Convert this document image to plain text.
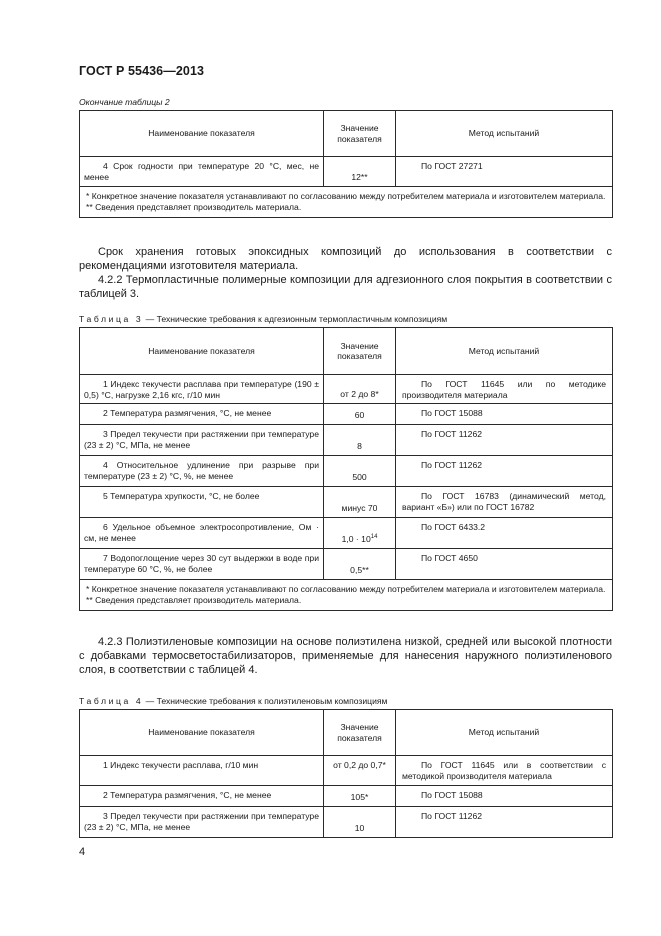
ГОСТ Р 55436—2013
Окончание таблицы 2
Наименование показателя	Значение показателя	Метод испытаний
4 Срок годности при температуре 20 °С, мес, не менее	12**	По ГОСТ 27271

* Конкретное значение показателя устанавливают по согласованию между потребителем материала и изготовителем материала.
** Сведения представляет производитель материала.		
Срок хранения готовых эпоксидных композиций до использования в соответствии с рекомендациями изготовителя материала.
4.2.2 Термопластичные полимерные композиции для адгезионного слоя покрытия в соответствии с таблицей 3.
Таблица 3 — Технические требования к адгезионным термопластичным композициям
Наименование показателя	Значение показателя	Метод испытаний
1 Индекс текучести расплава при температуре (190 ± 0,5) °С, нагрузке 2,16 кгс, г/10 мин	от 2 до 8*	По ГОСТ 11645 или по методике производителя материала
2 Температура размягчения, °С, не менее	60	По ГОСТ 15088
3 Предел текучести при растяжении при температуре (23 ± 2) °С, МПа, не менее	8	По ГОСТ 11262
4 Относительное удлинение при разрыве при температуре (23 ± 2) °С, %, не менее	500	По ГОСТ 11262
5 Температура хрупкости, °С, не более	минус 70	По ГОСТ 16783 (динамический метод, вариант «Б») или по ГОСТ 16782
6 Удельное объемное электросопротивление, Ом · см, не менее	$1,0 \cdot 10^{14}$	По ГОСТ 6433.2
7 Водопоглощение через 30 сут выдержки в воде при температуре 60 °С, %, не более	0,5**	По ГОСТ 4650

* Конкретное значение показателя устанавливают по согласованию между потребителем материала и изготовителем материала.
** Сведения представляет производитель материала.		
4.2.3 Полиэтиленовые композиции на основе полиэтилена низкой, средней или высокой плотности с добавками термосветостабилизаторов, применяемые для нанесения наружного полиэтиленового слоя, в соответствии с таблицей 4.
Таблица 4 — Технические требования к полиэтиленовым композициям
Наименование показателя	Значение показателя	Метод испытаний
1 Индекс текучести расплава, г/10 мин	от 0,2 до 0,7*	По ГОСТ 11645 или в соответствии с методикой производителя материала
2 Температура размягчения, °С, не менее	105*	По ГОСТ 15088
3 Предел текучести при растяжении при температуре (23 ± 2) °С, МПа, не менее	10	По ГОСТ 11262
4
